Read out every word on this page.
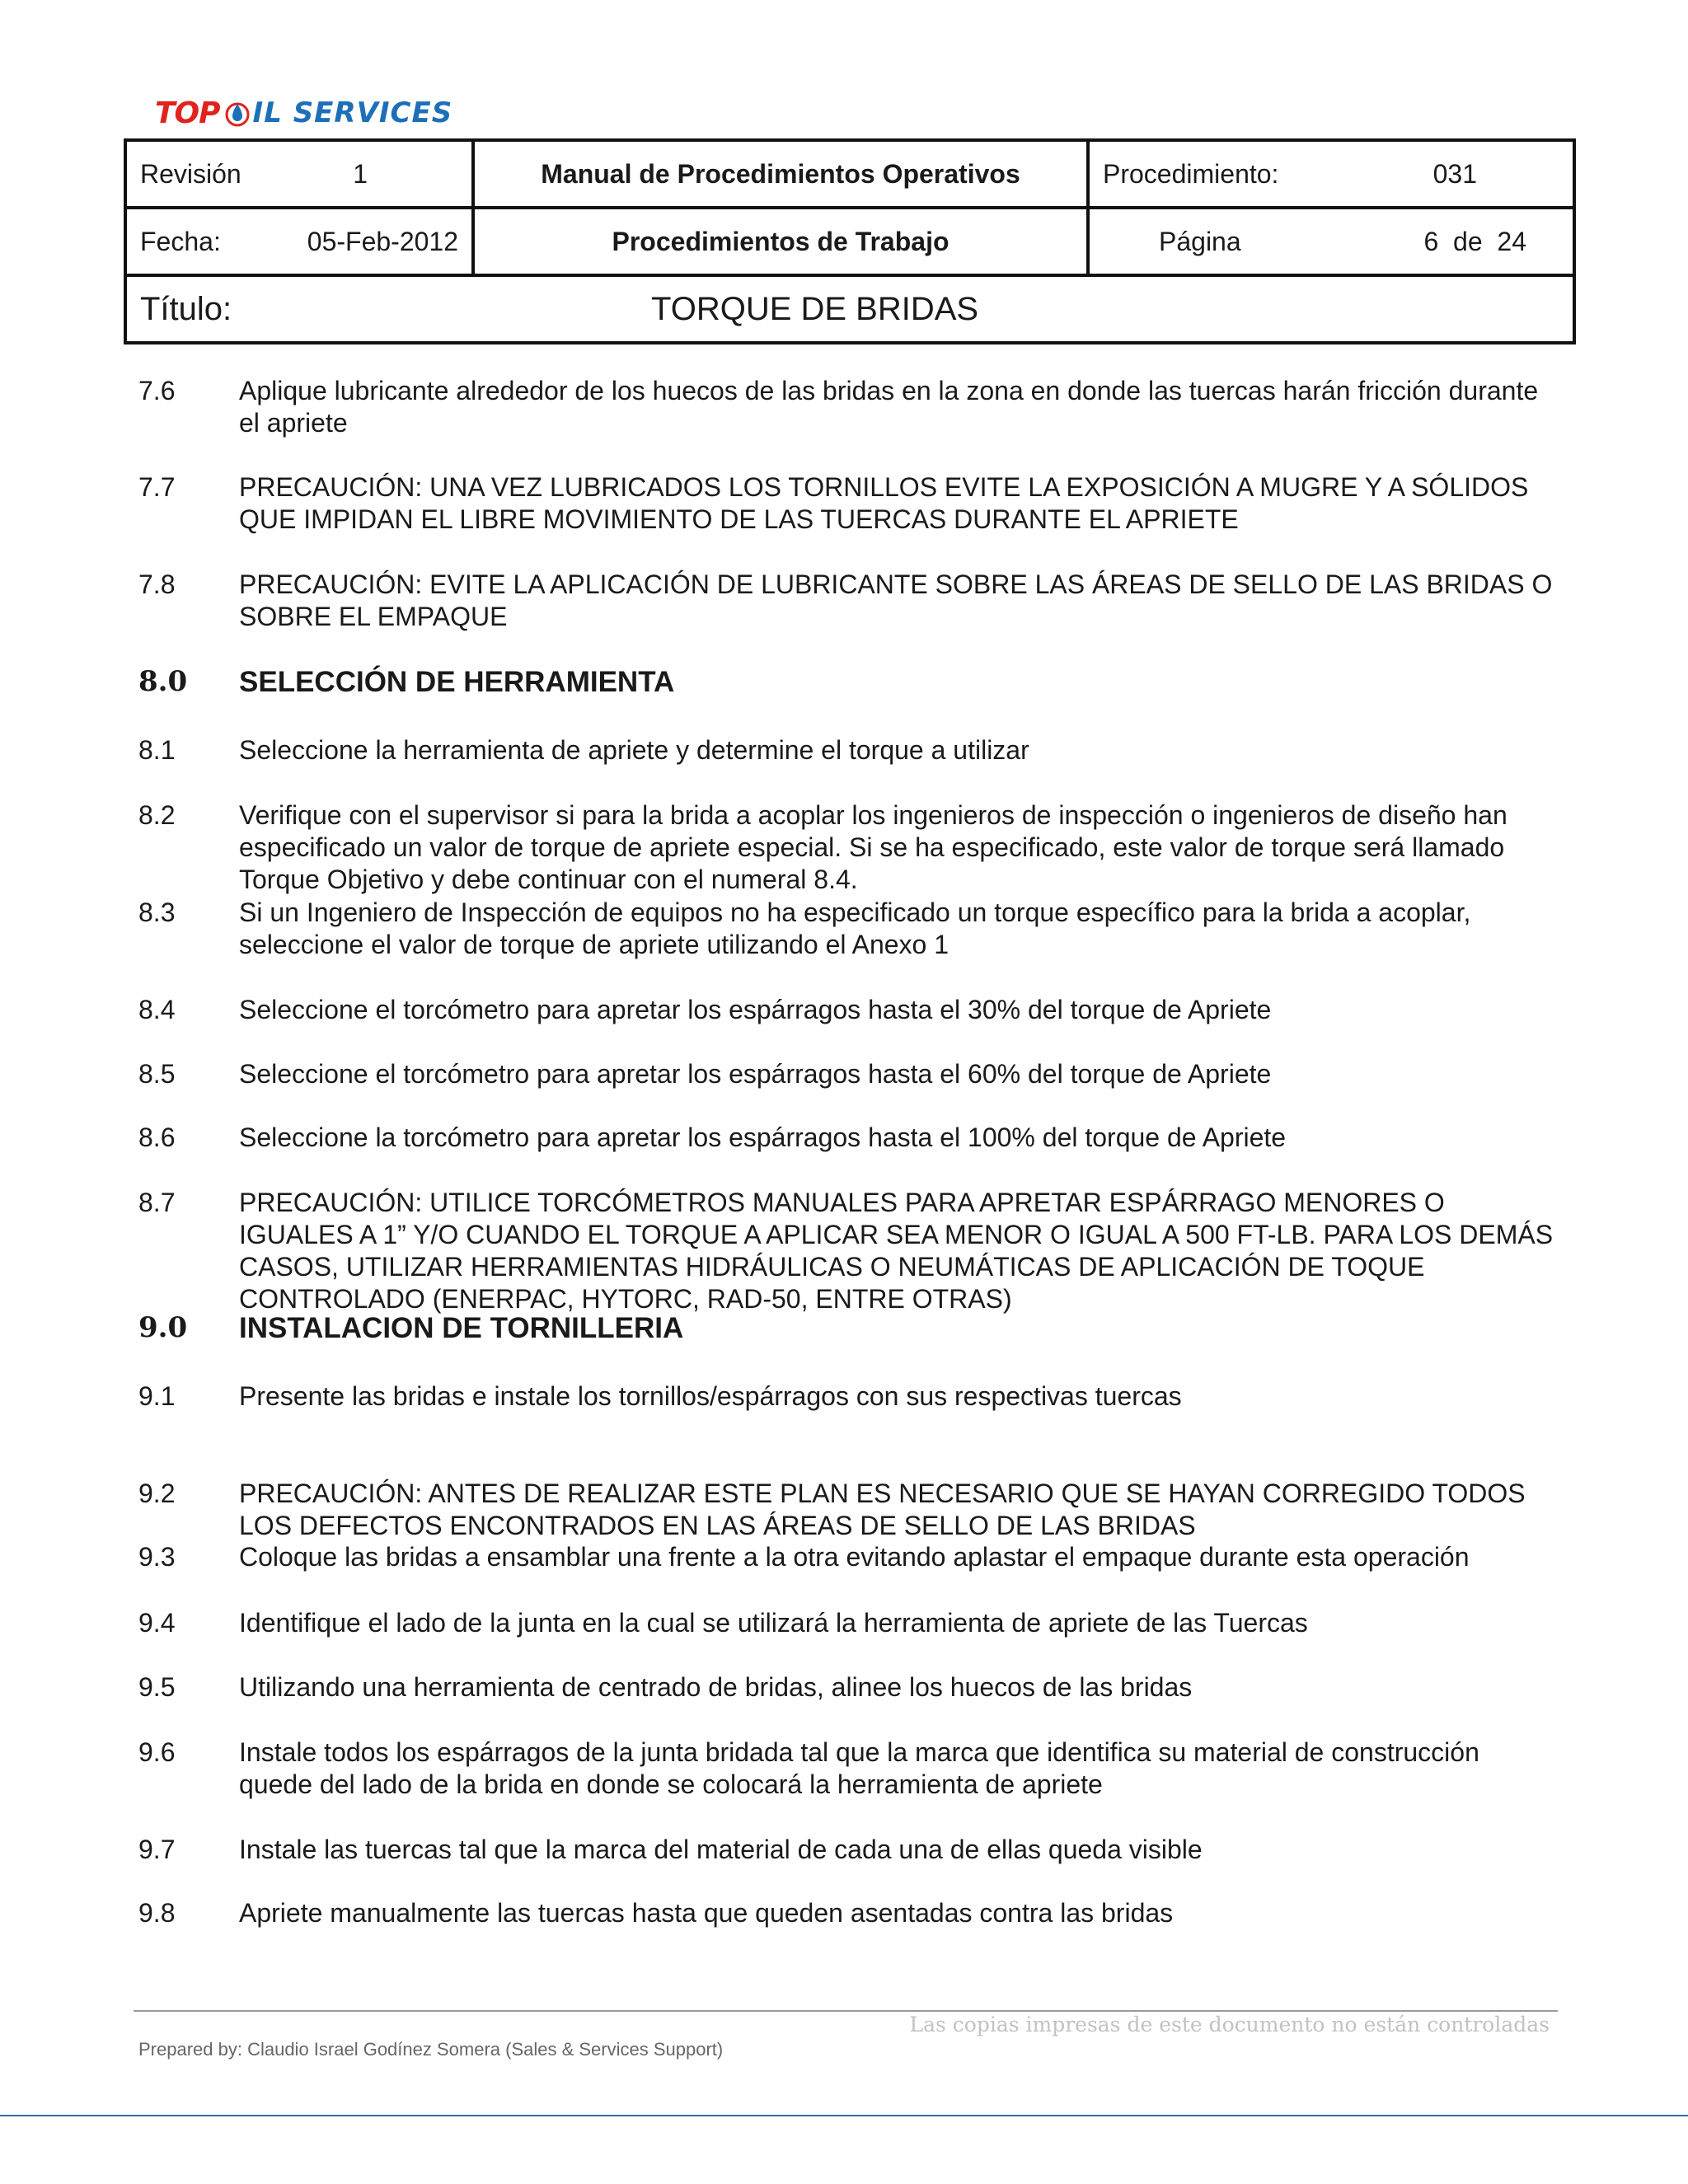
TOP IL SERVICES
Revisión 1	Manual de Procedimientos Operativos	Procedimiento: 031

Fecha: 05-Feb-2012	Procedimientos de Trabajo	Página 6  de  24

Título: TORQUE DE BRIDAS		
7.6	Aplique lubricante alrededor de los huecos de las bridas en la zona en donde las tuercas harán fricción durante el apriete
7.7	PRECAUCIÓN: UNA VEZ LUBRICADOS LOS TORNILLOS EVITE LA EXPOSICIÓN A MUGRE Y A SÓLIDOS QUE IMPIDAN EL LIBRE MOVIMIENTO DE LAS TUERCAS DURANTE EL APRIETE
7.8	PRECAUCIÓN: EVITE LA APLICACIÓN DE LUBRICANTE SOBRE LAS ÁREAS DE SELLO DE LAS BRIDAS O SOBRE EL EMPAQUE
8.0	SELECCIÓN DE HERRAMIENTA
8.1	Seleccione la herramienta de apriete y determine el torque a utilizar
8.2	Verifique con el supervisor si para la brida a acoplar los ingenieros de inspección o ingenieros de diseño han especificado un valor de torque de apriete especial. Si se ha especificado, este valor de torque será llamado Torque Objetivo y debe continuar con el numeral 8.4.
8.3	Si un Ingeniero de Inspección de equipos no ha especificado un torque específico para la brida a acoplar, seleccione el valor de torque de apriete utilizando el Anexo 1
8.4	Seleccione el torcómetro para apretar los espárragos hasta el 30% del torque de Apriete
8.5	Seleccione el torcómetro para apretar los espárragos hasta el 60% del torque de Apriete
8.6	Seleccione la torcómetro para apretar los espárragos hasta el 100% del torque de Apriete
8.7	PRECAUCIÓN: UTILICE TORCÓMETROS MANUALES PARA APRETAR ESPÁRRAGO MENORES O IGUALES A 1” Y/O CUANDO EL TORQUE A APLICAR SEA MENOR O IGUAL A 500 FT-LB. PARA LOS DEMÁS CASOS, UTILIZAR HERRAMIENTAS HIDRÁULICAS O NEUMÁTICAS DE APLICACIÓN DE TOQUE CONTROLADO (ENERPAC, HYTORC, RAD-50, ENTRE OTRAS)
9.0	INSTALACION DE TORNILLERIA
9.1	Presente las bridas e instale los tornillos/espárragos con sus respectivas tuercas
9.2	PRECAUCIÓN: ANTES DE REALIZAR ESTE PLAN ES NECESARIO QUE SE HAYAN CORREGIDO TODOS LOS DEFECTOS ENCONTRADOS EN LAS ÁREAS DE SELLO DE LAS BRIDAS
9.3	Coloque las bridas a ensamblar una frente a la otra evitando aplastar el empaque durante esta operación
9.4	Identifique el lado de la junta en la cual se utilizará la herramienta de apriete de las Tuercas
9.5	Utilizando una herramienta de centrado de bridas, alinee los huecos de las bridas
9.6	Instale todos los espárragos de la junta bridada tal que la marca que identifica su material de construcción quede del lado de la brida en donde se colocará la herramienta de apriete
9.7	Instale las tuercas tal que la marca del material de cada una de ellas queda visible
9.8	Apriete manualmente las tuercas hasta que queden asentadas contra las bridas
Las copias impresas de este documento no están controladas
Prepared by: Claudio Israel Godínez Somera (Sales & Services Support)
